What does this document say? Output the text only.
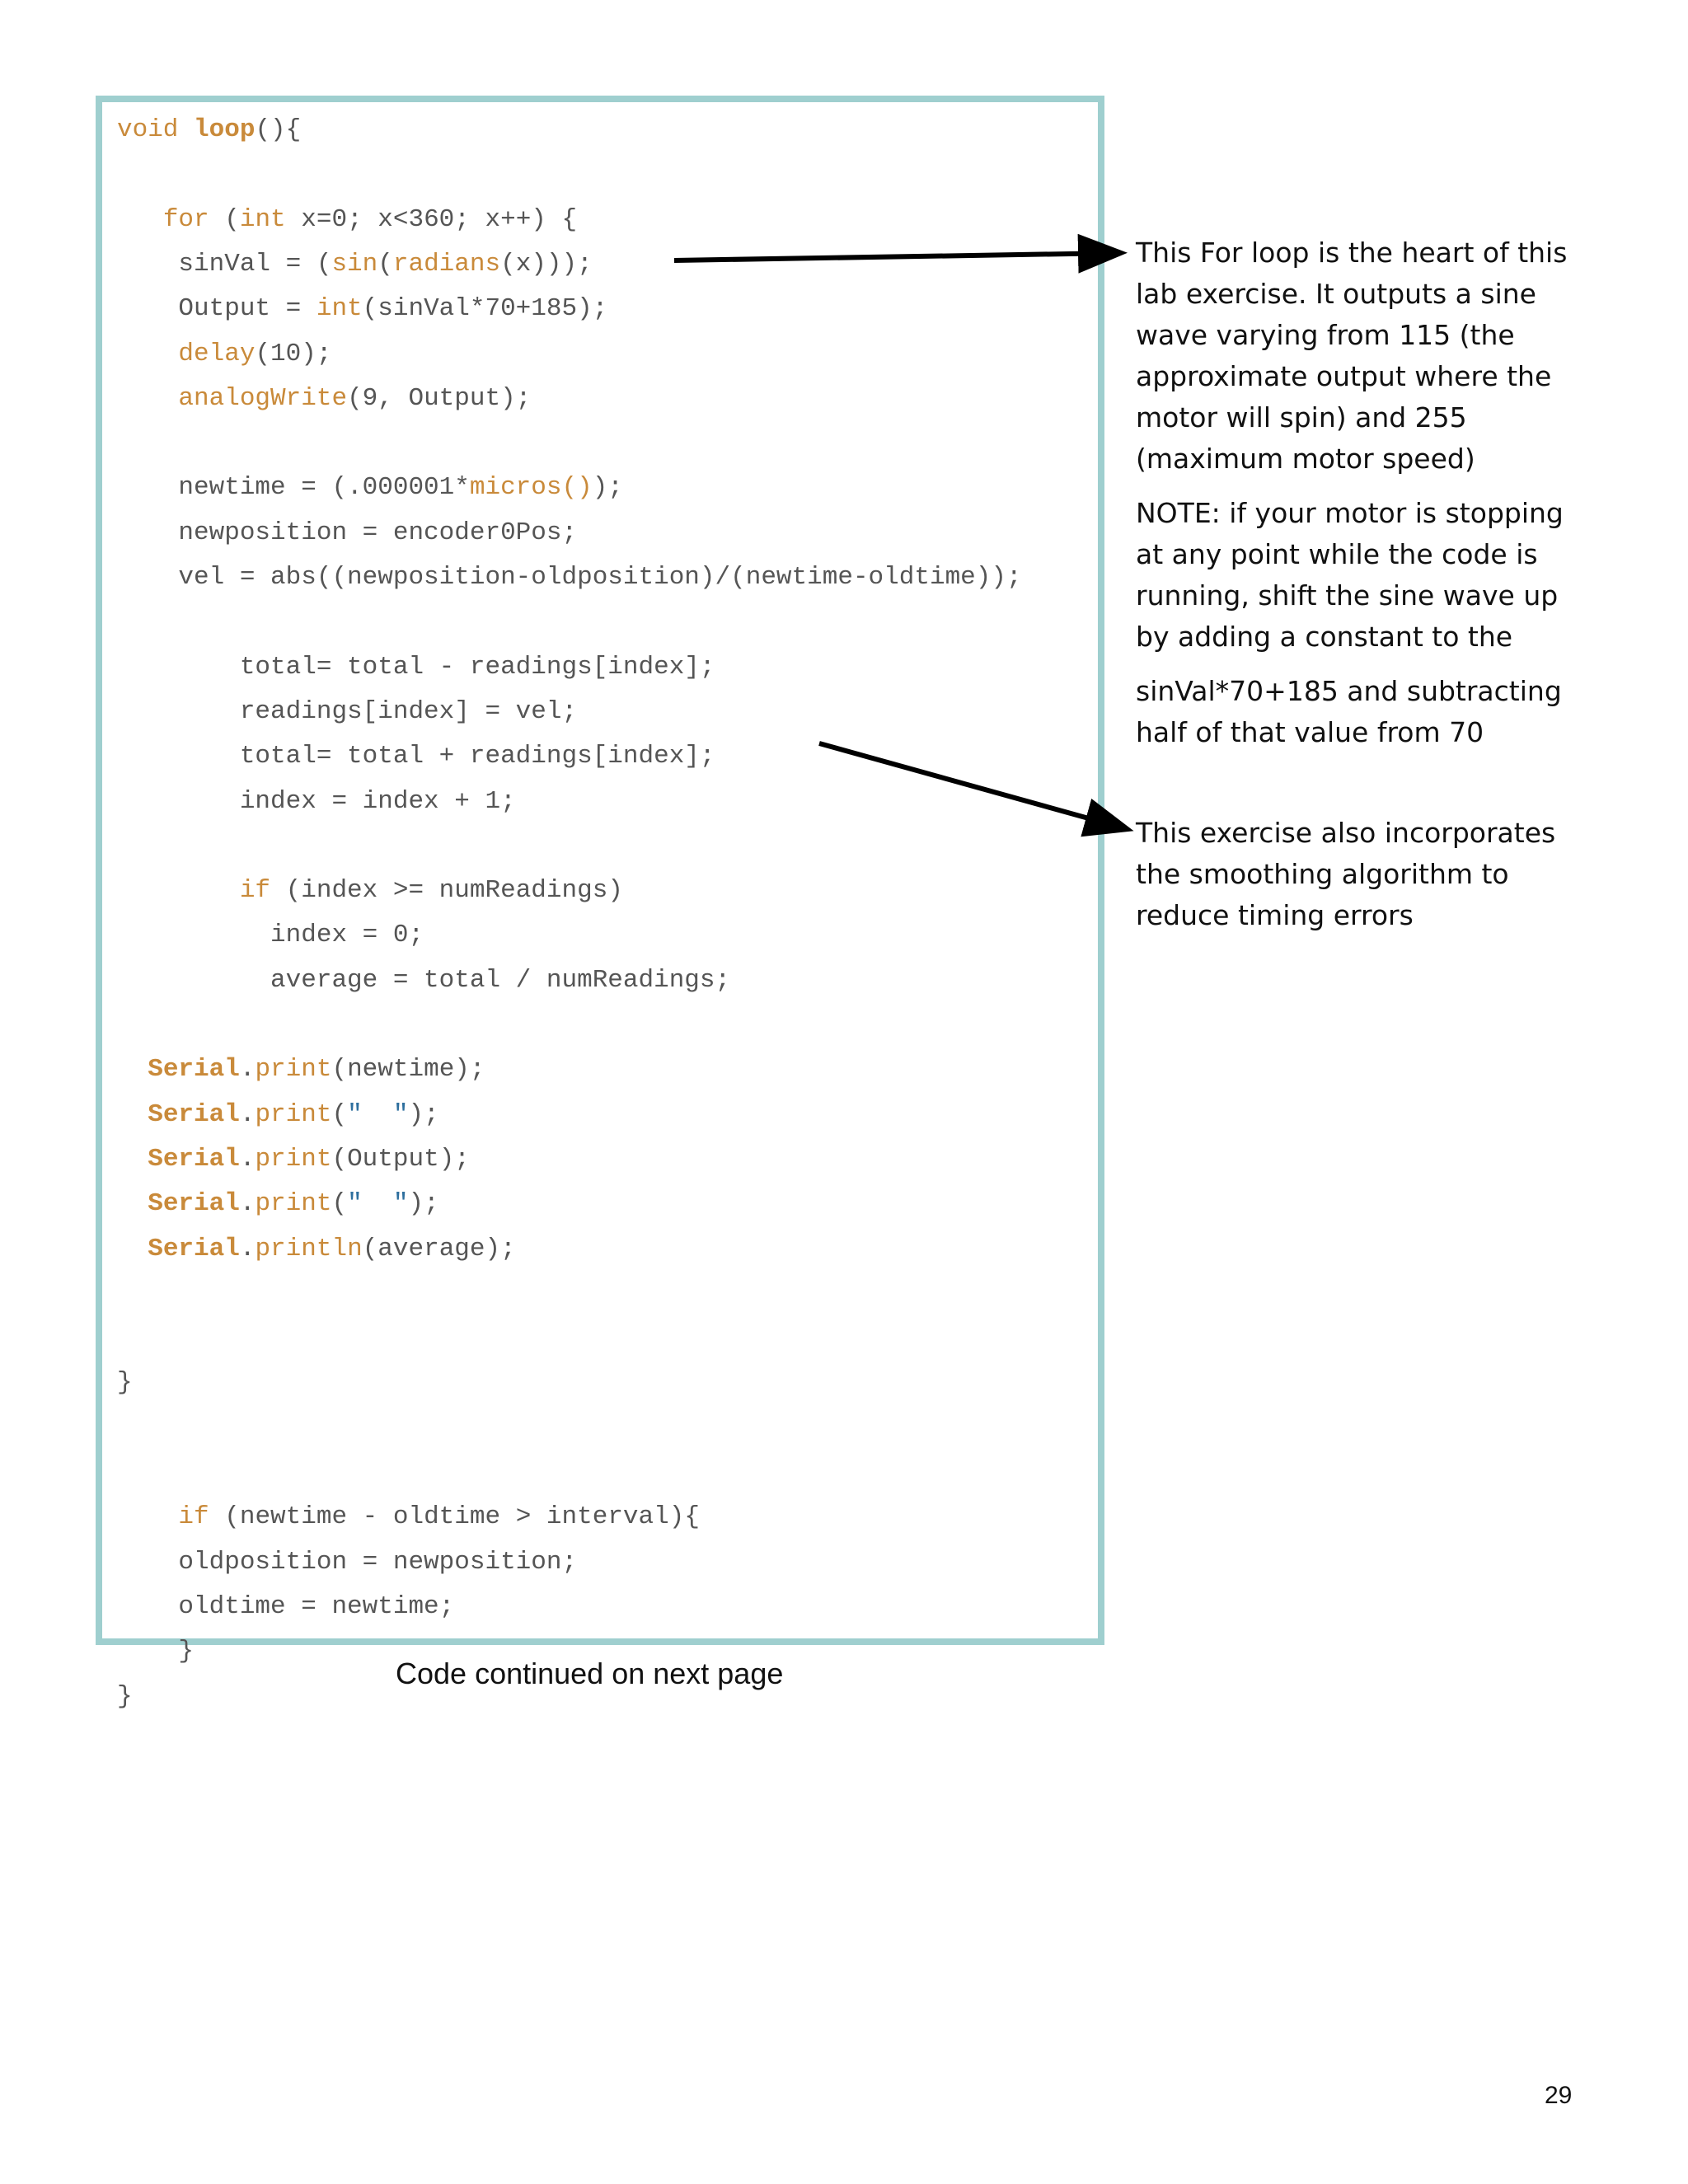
void loop(){
for (int x=0; x<360; x++) {
sinVal = (sin(radians(x)));
Output = int(sinVal*70+185);
delay(10);
analogWrite(9, Output);
newtime = (.000001*micros());
newposition = encoder0Pos;
vel = abs((newposition-oldposition)/(newtime-oldtime));
total= total - readings[index];
readings[index] = vel;
total= total + readings[index];
index = index + 1;
if (index >= numReadings)
index = 0;
average = total / numReadings;
Serial.print(newtime);
Serial.print("  ");
Serial.print(Output);
Serial.print("  ");
Serial.println(average);
}
if (newtime - oldtime > interval){
oldposition = newposition;
oldtime = newtime;
}
}
This For loop is the heart of this lab exercise. It outputs a sine wave varying from 115 (the approximate output where the motor will spin) and 255 (maximum motor speed)
NOTE: if your motor is stopping at any point while the code is running, shift the sine wave up by adding a constant to the
sinVal*70+185 and subtracting half of that value from 70
This exercise also incorporates the smoothing algorithm to reduce timing errors
Code continued on next page
29
